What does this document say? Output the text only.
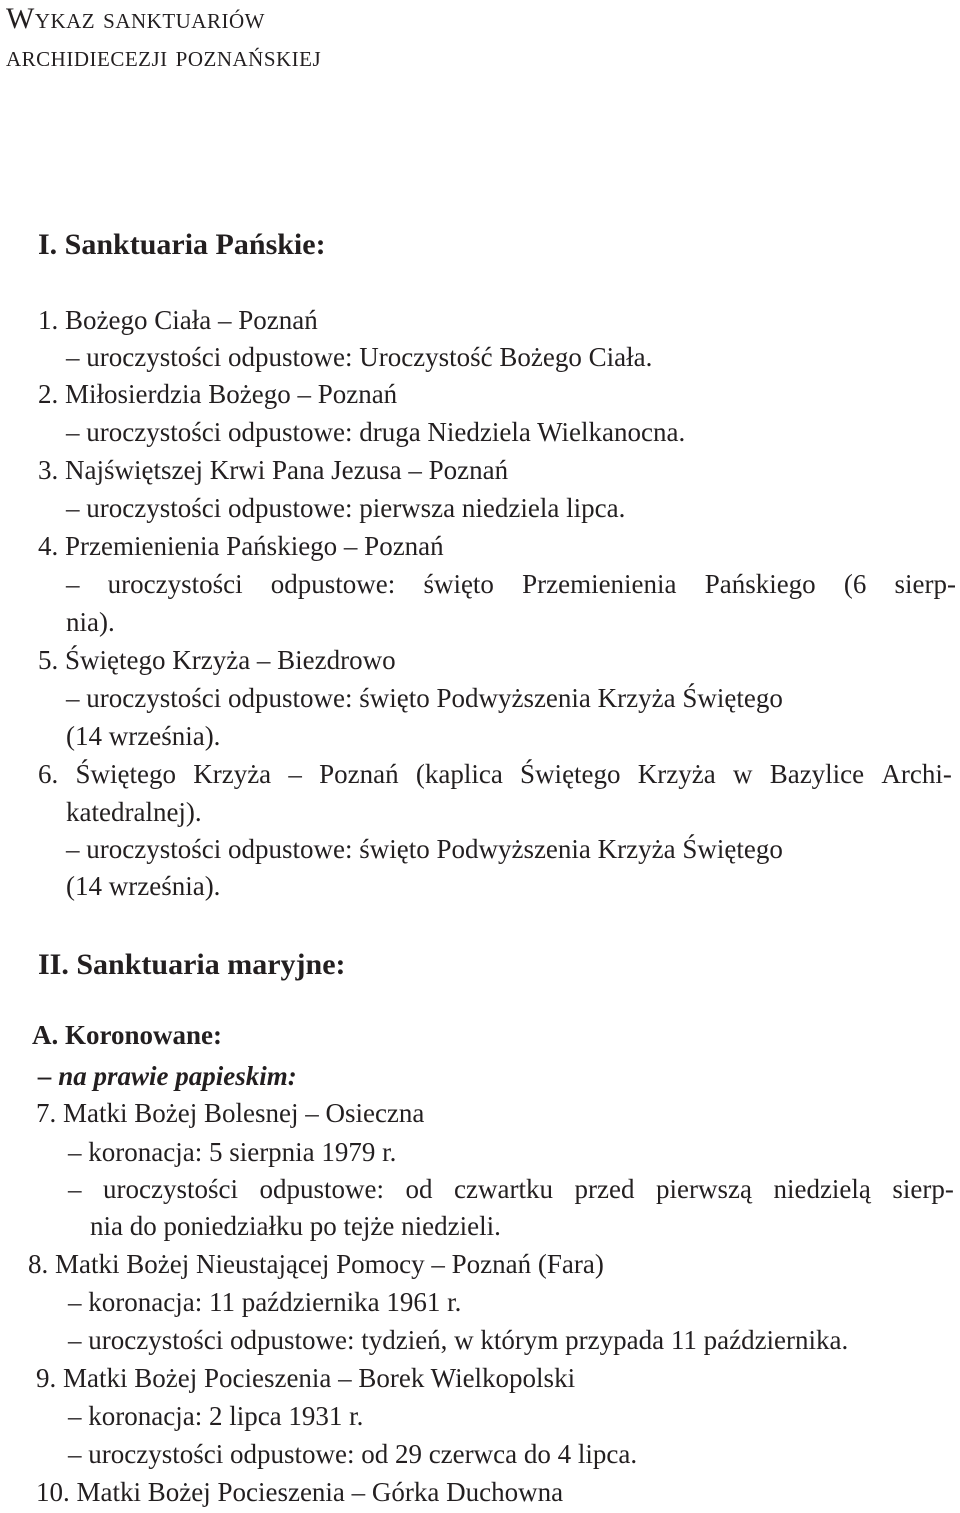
Wykaz sanktuariów
archidiecezji poznańskiej
I. Sanktuaria Pańskie:
1. Bożego Ciała – Poznań
– uroczystości odpustowe: Uroczystość Bożego Ciała.
2. Miłosierdzia Bożego – Poznań
– uroczystości odpustowe: druga Niedziela Wielkanocna.
3. Najświętszej Krwi Pana Jezusa – Poznań
– uroczystości odpustowe: pierwsza niedziela lipca.
4. Przemienienia Pańskiego – Poznań
– uroczystości odpustowe: święto Przemienienia Pańskiego (6 sierp-
nia).
5. Świętego Krzyża – Biezdrowo
– uroczystości odpustowe: święto Podwyższenia Krzyża Świętego
(14 września).
6. Świętego Krzyża – Poznań (kaplica Świętego Krzyża w Bazylice Archi-
katedralnej).
– uroczystości odpustowe: święto Podwyższenia Krzyża Świętego
(14 września).
II. Sanktuaria maryjne:
A. Koronowane:
– na prawie papieskim:
7. Matki Bożej Bolesnej – Osieczna
– koronacja: 5 sierpnia 1979 r.
– uroczystości odpustowe: od czwartku przed pierwszą niedzielą sierp-
nia do poniedziałku po tejże niedzieli.
8. Matki Bożej Nieustającej Pomocy – Poznań (Fara)
– koronacja: 11 października 1961 r.
– uroczystości odpustowe: tydzień, w którym przypada 11 października.
9. Matki Bożej Pocieszenia – Borek Wielkopolski
– koronacja: 2 lipca 1931 r.
– uroczystości odpustowe: od 29 czerwca do 4 lipca.
10. Matki Bożej Pocieszenia – Górka Duchowna
